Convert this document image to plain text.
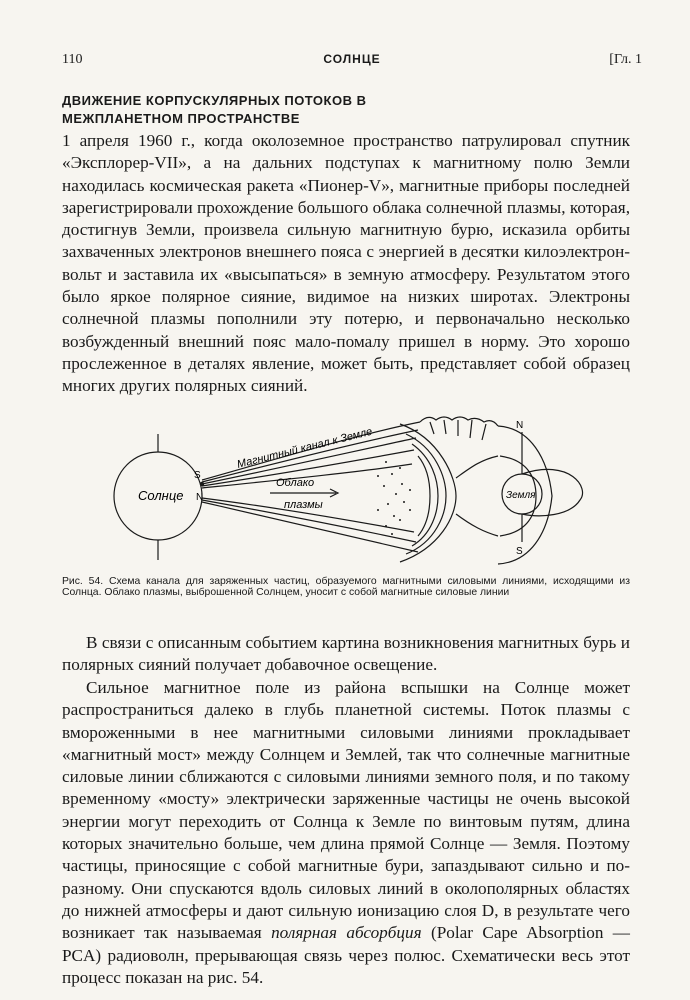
110	СОЛНЦЕ	[Гл. 1
ДВИЖЕНИЕ КОРПУСКУЛЯРНЫХ ПОТОКОВ В МЕЖПЛАНЕТНОМ ПРОСТРАНСТВЕ
1 апреля 1960 г., когда околоземное пространство патрулировал спутник «Эксплорер-VII», а на дальних подступах к магнитному полю Земли находилась космическая ракета «Пионер-V», магнитные приборы последней зарегистрировали прохождение большого облака солнечной плазмы, которая, достигнув Земли, произвела сильную магнитную бурю, исказила орбиты захваченных электронов внешнего пояса с энергией в десятки килоэлектрон-вольт и заставила их «высыпаться» в земную атмосферу. Результатом этого было яркое полярное сияние, видимое на низких широтах. Электроны солнечной плазмы пополнили эту потерю, и первоначально несколько возбужденный внешний пояс мало-помалу пришел в норму. Это хорошо прослеженное в деталях явление, может быть, представляет собой образец многих других полярных сияний.
Солнце
S
N
Магнитный канал к Земле
Облако
плазмы
Земля
N
S
Рис. 54. Схема канала для заряженных частиц, образуемого магнитными силовыми линиями, исходящими из Солнца. Облако плазмы, выброшенной Солнцем, уносит с собой магнитные силовые линии
В связи с описанным событием картина возникновения магнитных бурь и полярных сияний получает добавочное освещение.
Сильное магнитное поле из района вспышки на Солнце может распространиться далеко в глубь планетной системы. Поток плазмы с вмороженными в нее магнитными силовыми линиями прокладывает «магнитный мост» между Солнцем и Землей, так что солнечные магнитные силовые линии сближаются с силовыми линиями земного поля, и по такому временному «мосту» электрически заряженные частицы не очень высокой энергии могут переходить от Солнца к Земле по винтовым путям, длина которых значительно больше, чем длина прямой Солнце — Земля. Поэтому частицы, приносящие с собой магнитные бури, запаздывают сильно и по-разному. Они спускаются вдоль силовых линий в околополярных областях до нижней атмосферы и дают сильную ионизацию слоя D, в результате чего возникает так называемая полярная абсорбция (Polar Cape Absorption — PCA) радиоволн, прерывающая связь через полюс. Схематически весь этот процесс показан на рис. 54.
